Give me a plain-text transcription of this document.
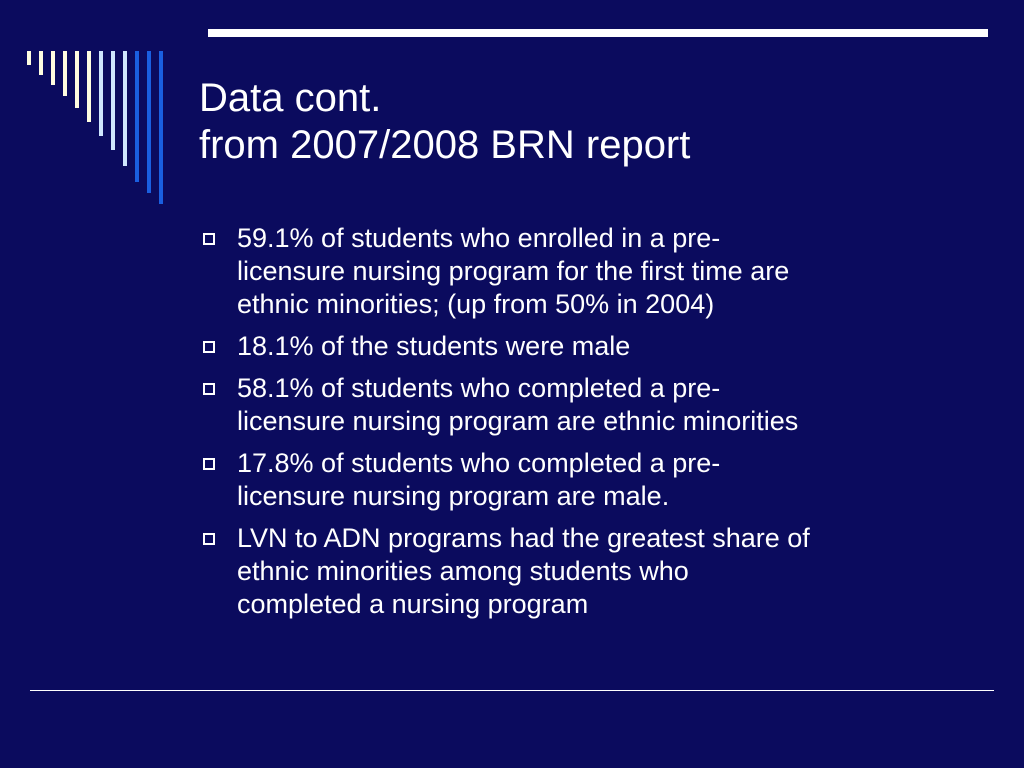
Data cont.
from 2007/2008 BRN report
59.1% of students who enrolled in a pre-
licensure nursing program for the first time are
ethnic minorities; (up from 50% in 2004)
18.1% of the students were male
58.1% of students who completed a pre-
licensure nursing program are ethnic minorities
17.8% of students who completed a pre-
licensure nursing program are male.
LVN to ADN programs had the greatest share of
ethnic minorities among students who
completed a nursing program
